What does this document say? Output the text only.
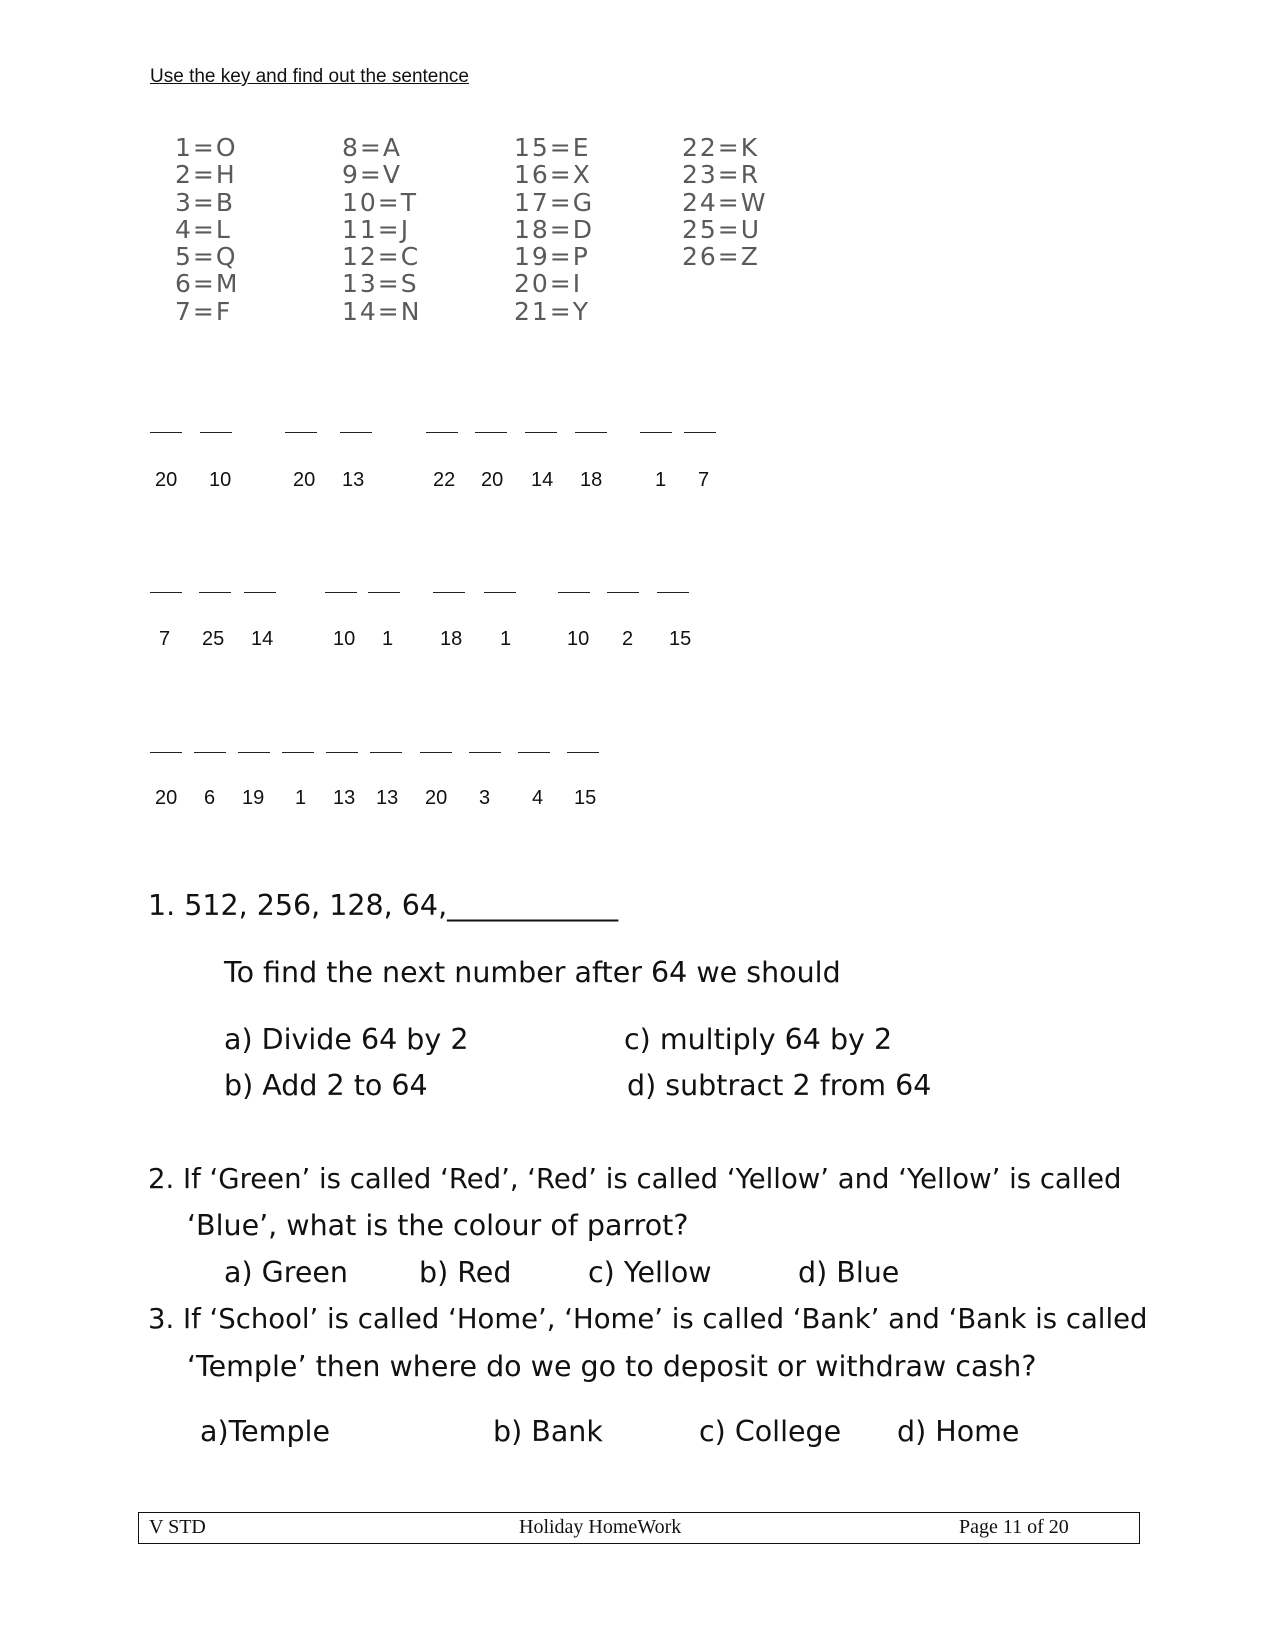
Use the key and find out the sentence
1=O
2=H
3=B
4=L
5=Q
6=M
7=F
8=A
9=V
10=T
11=J
12=C
13=S
14=N
15=E
16=X
17=G
18=D
19=P
20=I
21=Y
22=K
23=R
24=W
25=U
26=Z
20 10	20 13	22 20 14 18	1 7
7 25 14	10 1 18 1	10 2 15
20 6 19 1 13 13 20 3 4 15
1. 512, 256, 128, 64,____________
To find the next number after 64 we should
a) Divide 64 by 2
b) Add 2 to 64
c) multiply 64 by 2
d) subtract 2 from 64
2. If ‘Green’ is called ‘Red’, ‘Red’ is called ‘Yellow’ and ‘Yellow’ is called
‘Blue’, what is the colour of parrot?
a) Green b) Red	c) Yellow	d) Blue
3. If ‘School’ is called ‘Home’, ‘Home’ is called ‘Bank’ and ‘Bank is called
‘Temple’ then where do we go to deposit or withdraw cash?
a)Temple	b) Bank	c) College d) Home
V STD	Holiday HomeWork	Page 11 of 20
